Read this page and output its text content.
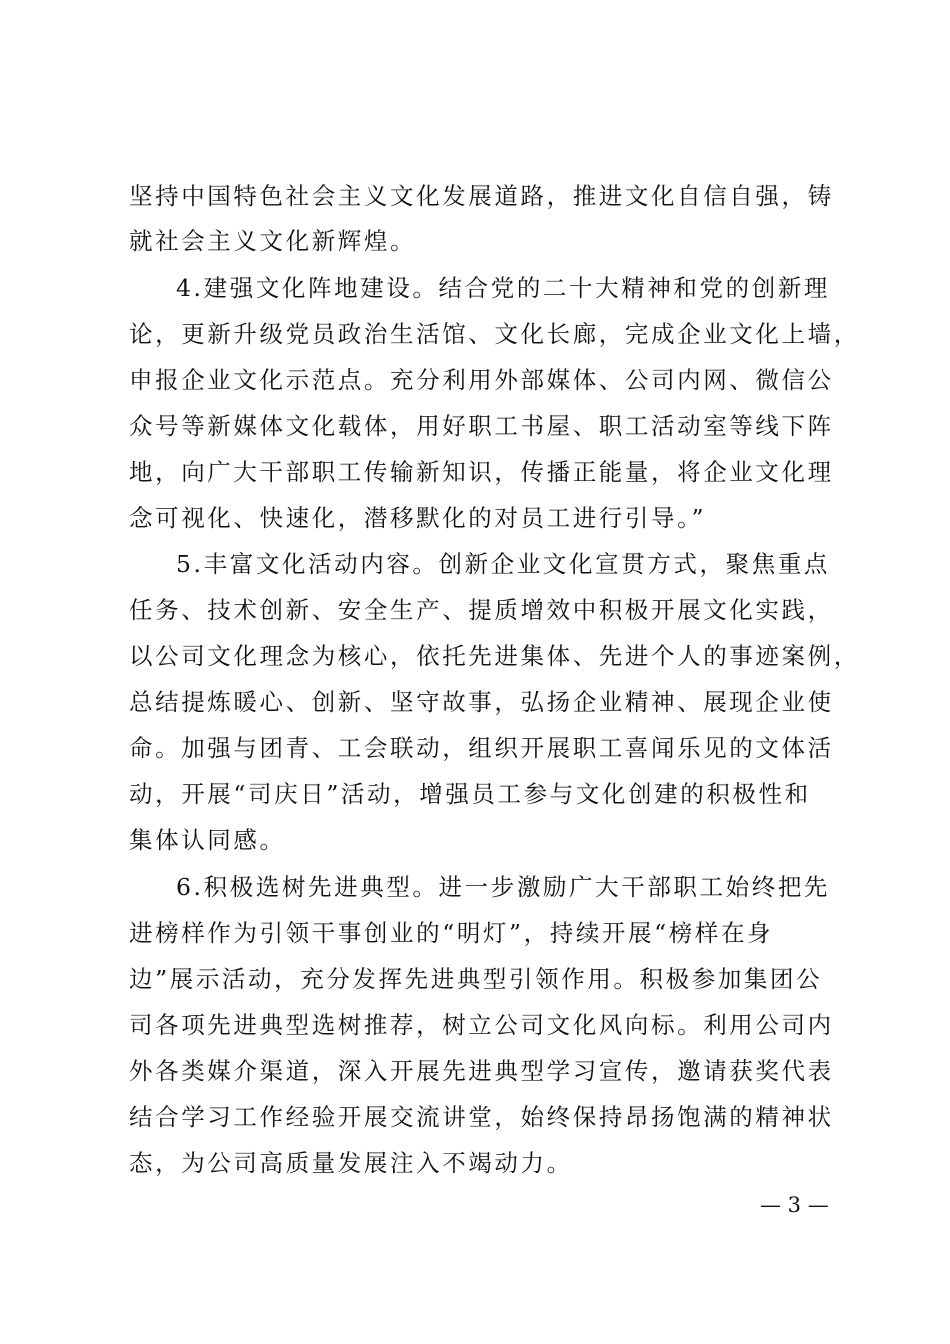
坚持中国特色社会主义文化发展道路，推进文化自信自强，铸
就社会主义文化新辉煌。
4.建强文化阵地建设。结合党的二十大精神和党的创新理
论，更新升级党员政治生活馆、文化长廊，完成企业文化上墙，
申报企业文化示范点。充分利用外部媒体、公司内网、微信公
众号等新媒体文化载体，用好职工书屋、职工活动室等线下阵
地，向广大干部职工传输新知识，传播正能量，将企业文化理
念可视化、快速化，潜移默化的对员工进行引导。”
5.丰富文化活动内容。创新企业文化宣贯方式，聚焦重点
任务、技术创新、安全生产、提质增效中积极开展文化实践，
以公司文化理念为核心，依托先进集体、先进个人的事迹案例，
总结提炼暖心、创新、坚守故事，弘扬企业精神、展现企业使
命。加强与团青、工会联动，组织开展职工喜闻乐见的文体活
动，开展“司庆日”活动，增强员工参与文化创建的积极性和
集体认同感。
6.积极选树先进典型。进一步激励广大干部职工始终把先
进榜样作为引领干事创业的“明灯”，持续开展“榜样在身
边”展示活动，充分发挥先进典型引领作用。积极参加集团公
司各项先进典型选树推荐，树立公司文化风向标。利用公司内
外各类媒介渠道，深入开展先进典型学习宣传，邀请获奖代表
结合学习工作经验开展交流讲堂，始终保持昂扬饱满的精神状
态，为公司高质量发展注入不竭动力。
— 3 —
